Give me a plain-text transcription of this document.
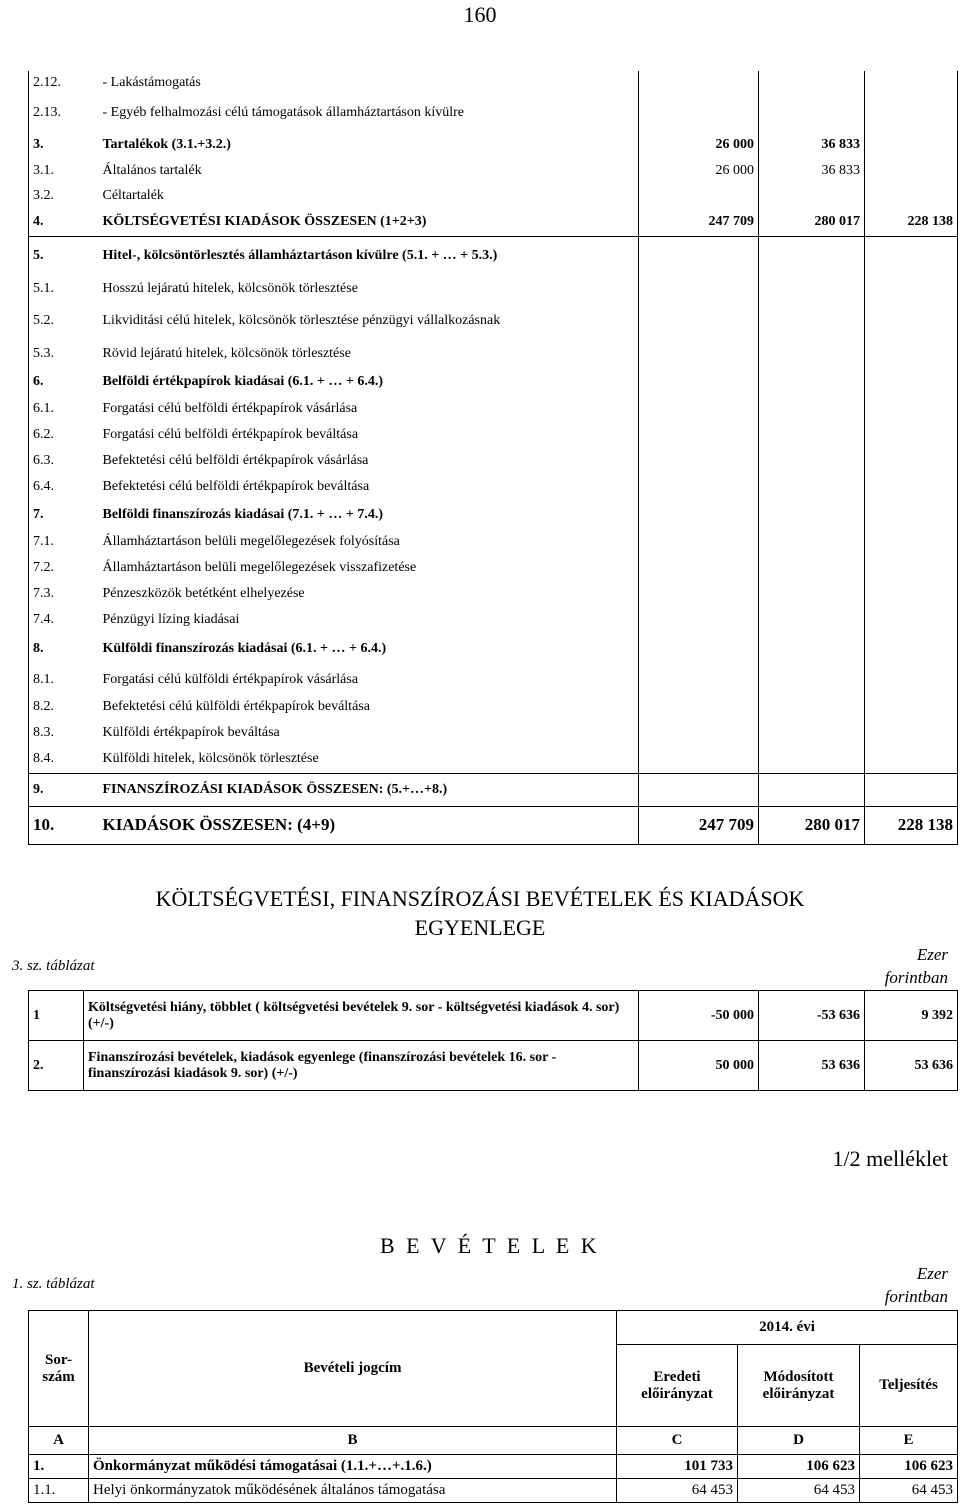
160
2.12.	- Lakástámogatás			
2.13.	- Egyéb felhalmozási célú támogatások államháztartáson kívülre			
3.	Tartalékok (3.1.+3.2.)	26 000	36 833	
3.1.	Általános tartalék	26 000	36 833	
3.2.	Céltartalék			
4.	KÖLTSÉGVETÉSI KIADÁSOK ÖSSZESEN (1+2+3)	247 709	280 017	228 138
5.	Hitel-, kölcsöntörlesztés államháztartáson kívülre (5.1. + … + 5.3.)			
5.1.	Hosszú lejáratú hitelek, kölcsönök törlesztése			
5.2.	Likviditási célú hitelek, kölcsönök törlesztése pénzügyi vállalkozásnak			
5.3.	Rövid lejáratú hitelek, kölcsönök törlesztése			
6.	Belföldi értékpapírok kiadásai (6.1. + … + 6.4.)			
6.1.	Forgatási célú belföldi értékpapírok vásárlása			
6.2.	Forgatási célú belföldi értékpapírok beváltása			
6.3.	Befektetési célú belföldi értékpapírok vásárlása			
6.4.	Befektetési célú belföldi értékpapírok beváltása			
7.	Belföldi finanszírozás kiadásai (7.1. + … + 7.4.)			
7.1.	Államháztartáson belüli megelőlegezések folyósítása			
7.2.	Államháztartáson belüli megelőlegezések visszafizetése			
7.3.	Pénzeszközök betétként elhelyezése			
7.4.	Pénzügyi lízing kiadásai			
8.	Külföldi finanszírozás kiadásai (6.1. + … + 6.4.)			
8.1.	Forgatási célú külföldi értékpapírok vásárlása			
8.2.	Befektetési célú külföldi értékpapírok beváltása			
8.3.	Külföldi értékpapírok beváltása			
8.4.	Külföldi hitelek, kölcsönök törlesztése			
9.	FINANSZÍROZÁSI KIADÁSOK ÖSSZESEN: (5.+…+8.)			
10.	KIADÁSOK ÖSSZESEN: (4+9)	247 709	280 017	228 138
KÖLTSÉGVETÉSI, FINANSZÍROZÁSI BEVÉTELEK ÉS KIADÁSOK
EGYENLEGE
3. sz. táblázat
Ezer
forintban
1	Költségvetési hiány, többlet ( költségvetési bevételek 9. sor - költségvetési kiadások 4. sor) (+/-)	-50 000	-53 636	9 392
2.	Finanszírozási bevételek, kiadások egyenlege (finanszírozási bevételek 16. sor - finanszírozási kiadások 9. sor) (+/-)	50 000	53 636	53 636
1/2 melléklet
B E V É T E L E K
1. sz. táblázat
Ezer
forintban
Sor-szám	Bevételi jogcím	2014. évi		
		Eredeti előirányzat	Módosított előirányzat	Teljesítés
A	B	C	D	E
1.	Önkormányzat működési támogatásai (1.1.+…+.1.6.)	101 733	106 623	106 623
1.1.	Helyi önkormányzatok működésének általános támogatása	64 453	64 453	64 453
